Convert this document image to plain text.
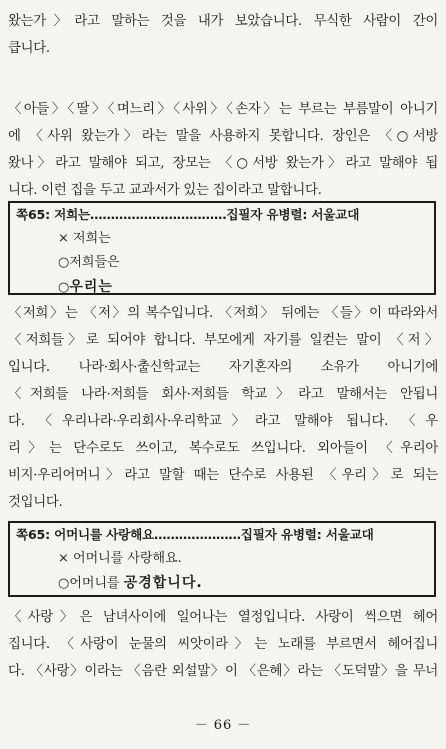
왔는가〉라고 말하는 것을 내가 보았습니다. 무식한 사람이 간이
큽니다.
〈아들〉〈딸〉〈며느리〉〈사위〉〈손자〉는 부르는 부름말이 아니기
에 〈사위 왔는가〉라는 말을 사용하지 못합니다. 장인은 〈○서방
왔나〉라고 말해야 되고, 장모는 〈○서방 왔는가〉라고 말해야 됩
니다. 이런 집을 두고 교과서가 있는 집이라고 말합니다.
쪽65: 저희는……………………………집필자 유병렬: 서울교대
× 저희는
○저희들은
○우리는
〈저희〉는 〈저〉의 복수입니다. 〈저희〉 뒤에는 〈들〉이 따라와서
〈저희들〉로 되어야 합니다. 부모에게 자기를 일컫는 말이 〈저〉
입니다. 나라·회사·출신학교는 자기혼자의 소유가 아니기에
〈저희들 나라·저희들 회사·저희들 학교〉라고 말해서는 안됩니
다. 〈우리나라·우리회사·우리학교〉라고 말해야 됩니다. 〈우
리〉는 단수로도 쓰이고, 복수로도 쓰입니다. 외아들이 〈우리아
비지·우리어머니〉라고 말할 때는 단수로 사용된 〈우리〉로 되는
것입니다.
쪽65: 어머니를 사랑해요…………………집필자 유병렬: 서울교대
× 어머니를 사랑해요.
○어머니를 공경합니다.
〈사랑〉은 남녀사이에 일어나는 열정입니다. 사랑이 씩으면 헤어
집니다. 〈사랑이 눈물의 씨앗이라〉는 노래를 부르면서 헤어집니
다. 〈사랑〉이라는 〈음란 외설말〉이 〈은혜〉라는 〈도덕말〉을 무너
－ 66 －
